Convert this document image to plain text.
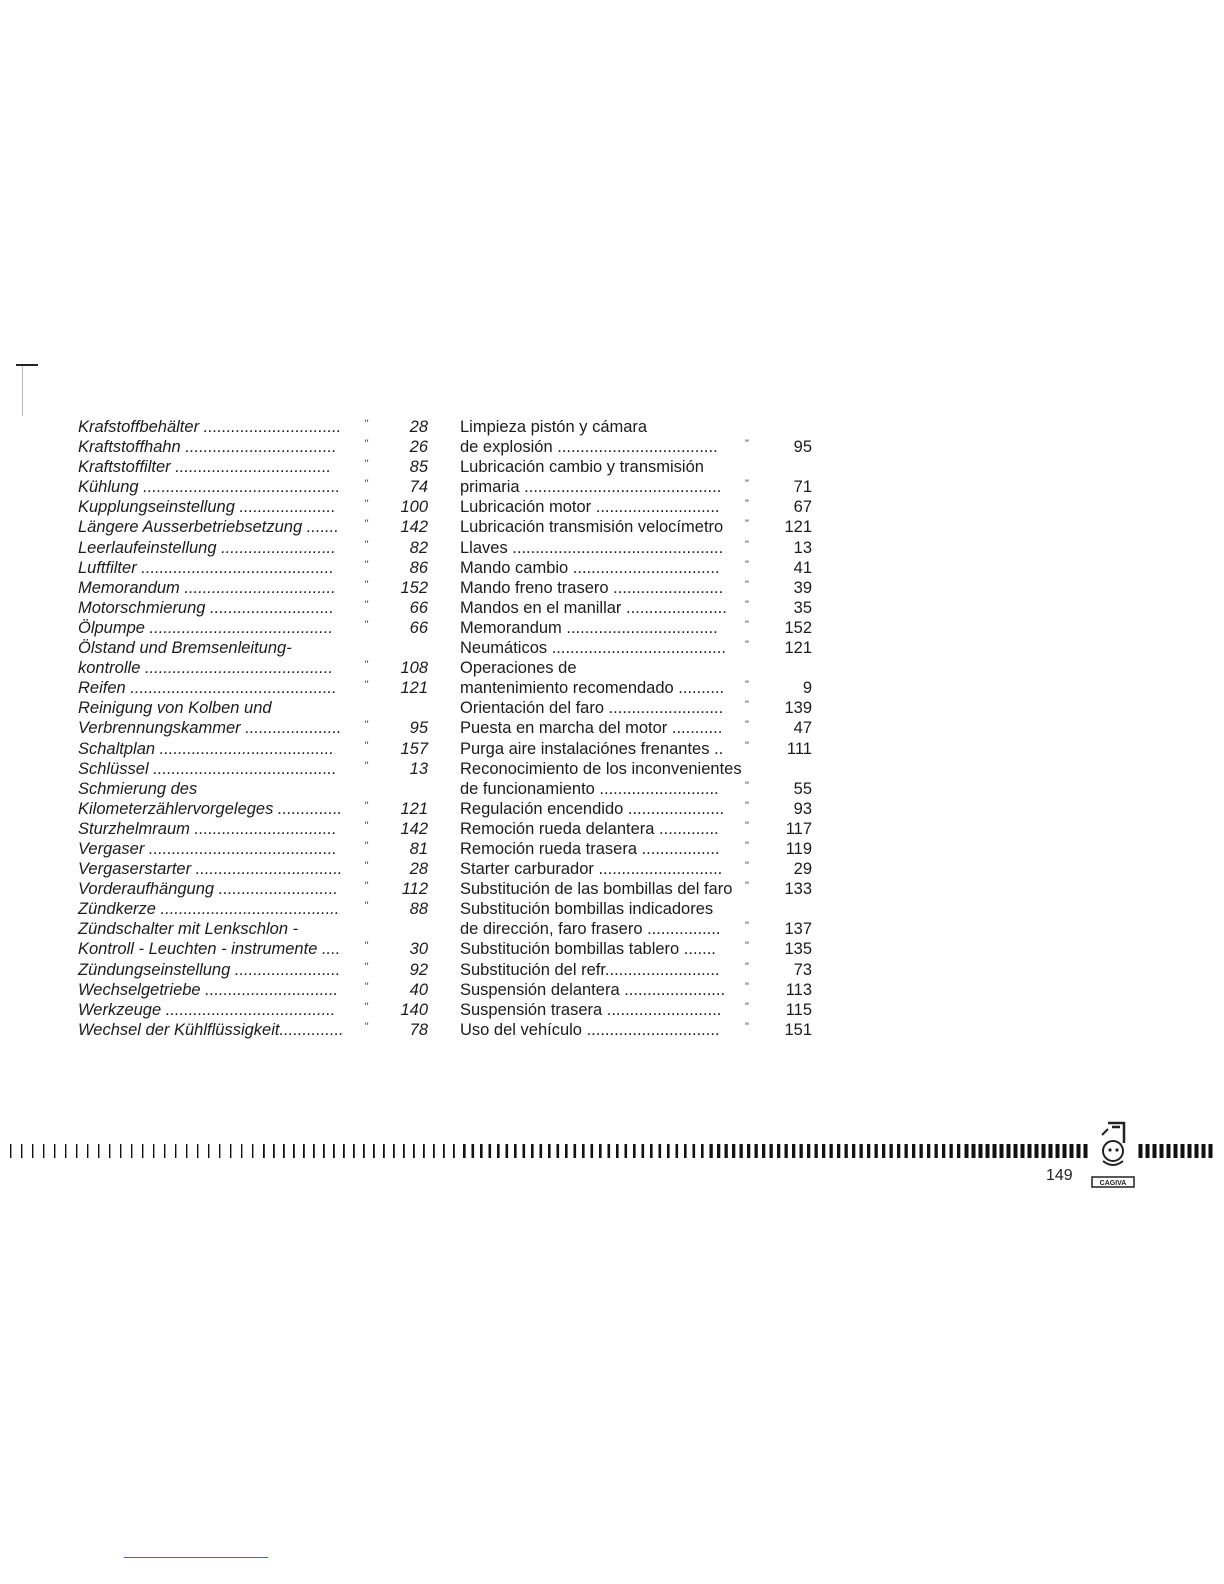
Krafstoffbehälter .............................. "	28
Kraftstoffhahn ................................. "	26
Kraftstoffilter ..................................	"	85
Kühlung ........................................... "	74
Kupplungseinstellung .....................	"	100
Längere Ausserbetriebsetzung ....... "	142
Leerlaufeinstellung .........................	"	82
Luftfilter ..........................................	"	86
Memorandum .................................	"	152
Motorschmierung ...........................	"	66
Ölpumpe ........................................	"	66
Ölstand und Bremsenleitung-
kontrolle .........................................	"	108
Reifen ............................................. "	121
Reinigung von Kolben und
Verbrennungskammer ..................... "	95
Schaltplan ......................................	"	157
Schlüssel ........................................ "	13
Schmierung des
Kilometerzählervorgeleges .............. "	121
Sturzhelmraum ............................... "	142
Vergaser ......................................... "	81
Vergaserstarter ................................ "	28
Vorderaufhängung .......................... "	112
Zündkerze ....................................... "	88
Zündschalter mit Lenkschlon -
Kontroll - Leuchten - instrumente .... "	30
Zündungseinstellung ....................... "	92
Wechselgetriebe ............................. "	40
Werkzeuge .....................................	"	140
Wechsel der Kühlflüssigkeit.............. "	78
Limpieza pistón y cámara
de explosión ................................... "	95
Lubricación cambio y transmisión
primaria ........................................... "	71
Lubricación motor ........................... "	67
Lubricación transmisión velocímetro "	121
Llaves .............................................. "	13
Mando cambio ................................ "	41
Mando freno trasero ........................ "	39
Mandos en el manillar ...................... "	35
Memorandum ................................. "	152
Neumáticos ...................................... "	121
Operaciones de
mantenimiento recomendado .......... "	9
Orientación del faro ......................... "	139
Puesta en marcha del motor ........... "	47
Purga aire instalaciónes frenantes .. "	111
Reconocimiento de los inconvenientes
de funcionamiento .......................... "	55
Regulación encendido ..................... "	93
Remoción rueda delantera ............. "	117
Remoción rueda trasera ................. "	119
Starter carburador ........................... "	29
Substitución de las bombillas del faro "	133
Substitución bombillas indicadores
de dirección, faro frasero ................ "	137
Substitución bombillas tablero .......	"	135
Substitución del refr......................... "	73
Suspensión delantera ...................... "	113
Suspensión trasera ......................... "	115
Uso del vehículo ............................. "	151
149	CAGIVA
